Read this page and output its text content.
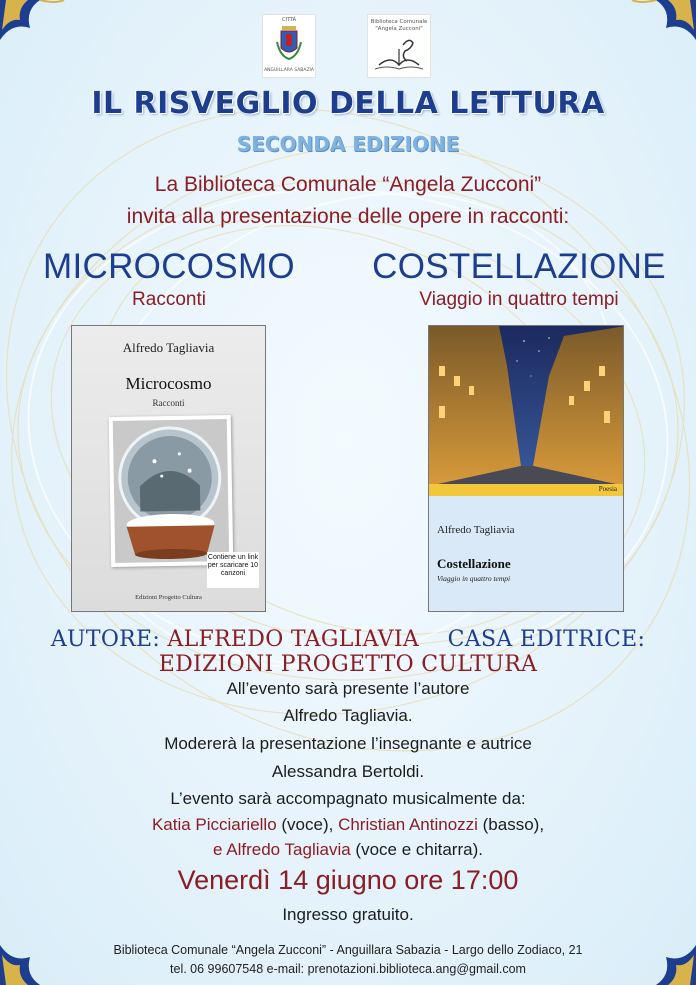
CITTÀ
ANGUILLARA SABAZIA
Biblioteca Comunale
"Angela Zucconi"
IL RISVEGLIO DELLA LETTURA
SECONDA EDIZIONE
La Biblioteca Comunale “Angela Zucconi”
invita alla presentazione delle opere in racconti:
MICROCOSMO
Racconti
COSTELLAZIONE
Viaggio in quattro tempi
Alfredo Tagliavia
Microcosmo
Racconti
Contiene un link per scaricare 10 canzoni
Edizioni Progetto Cultura
Poesia
Alfredo Tagliavia
Costellazione
Viaggio in quattro tempi
AUTORE: ALFREDO TAGLIAVIA CASA EDITRICE: EDIZIONI PROGETTO CULTURA
All’evento sarà presente l’autore
Alfredo Tagliavia.
Modererà la presentazione l’insegnante e autrice
Alessandra Bertoldi.
L’evento sarà accompagnato musicalmente da:
Katia Picciariello (voce), Christian Antinozzi (basso),
e Alfredo Tagliavia (voce e chitarra).
Venerdì 14 giugno ore 17:00
Ingresso gratuito.
Biblioteca Comunale “Angela Zucconi” - Anguillara Sabazia - Largo dello Zodiaco, 21
tel. 06 99607548 e-mail: prenotazioni.biblioteca.ang@gmail.com
